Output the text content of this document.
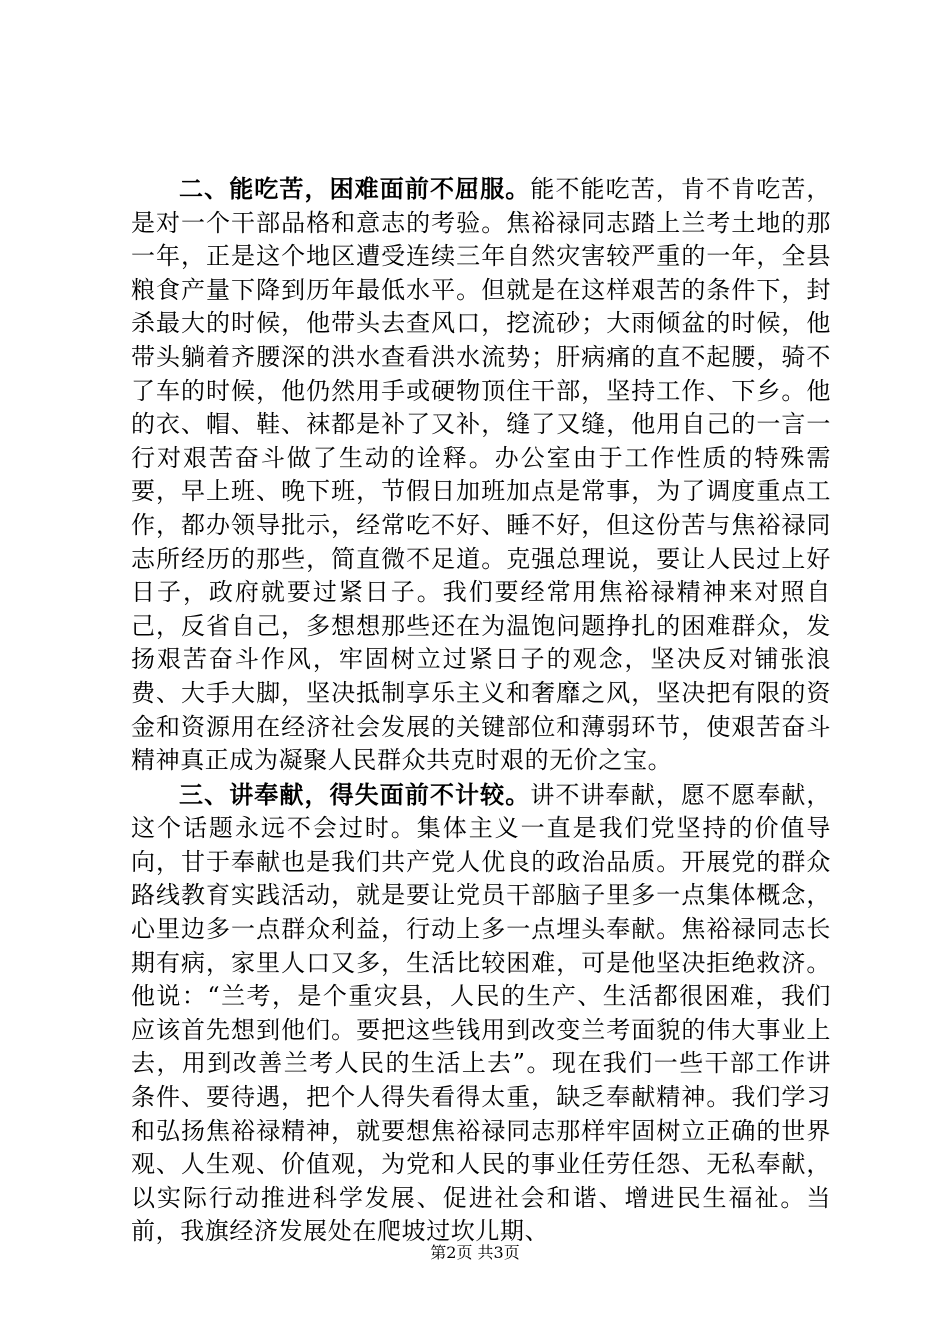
二、能吃苦，困难面前不屈服。能不能吃苦，肯不肯吃苦，是对一个干部品格和意志的考验。焦裕禄同志踏上兰考土地的那一年，正是这个地区遭受连续三年自然灾害较严重的一年，全县粮食产量下降到历年最低水平。但就是在这样艰苦的条件下，封杀最大的时候，他带头去查风口，挖流砂；大雨倾盆的时候，他带头躺着齐腰深的洪水查看洪水流势；肝病痛的直不起腰，骑不了车的时候，他仍然用手或硬物顶住干部，坚持工作、下乡。他的衣、帽、鞋、袜都是补了又补，缝了又缝，他用自己的一言一行对艰苦奋斗做了生动的诠释。办公室由于工作性质的特殊需要，早上班、晚下班，节假日加班加点是常事，为了调度重点工作，都办领导批示，经常吃不好、睡不好，但这份苦与焦裕禄同志所经历的那些，简直微不足道。克强总理说，要让人民过上好日子，政府就要过紧日子。我们要经常用焦裕禄精神来对照自己，反省自己，多想想那些还在为温饱问题挣扎的困难群众，发扬艰苦奋斗作风，牢固树立过紧日子的观念，坚决反对铺张浪费、大手大脚，坚决抵制享乐主义和奢靡之风，坚决把有限的资金和资源用在经济社会发展的关键部位和薄弱环节，使艰苦奋斗精神真正成为凝聚人民群众共克时艰的无价之宝。

三、讲奉献，得失面前不计较。讲不讲奉献，愿不愿奉献，这个话题永远不会过时。集体主义一直是我们党坚持的价值导向，甘于奉献也是我们共产党人优良的政治品质。开展党的群众路线教育实践活动，就是要让党员干部脑子里多一点集体概念，心里边多一点群众利益，行动上多一点埋头奉献。焦裕禄同志长期有病，家里人口又多，生活比较困难，可是他坚决拒绝救济。他说：“兰考，是个重灾县，人民的生产、生活都很困难，我们应该首先想到他们。要把这些钱用到改变兰考面貌的伟大事业上去，用到改善兰考人民的生活上去”。现在我们一些干部工作讲条件、要待遇，把个人得失看得太重，缺乏奉献精神。我们学习和弘扬焦裕禄精神，就要想焦裕禄同志那样牢固树立正确的世界观、人生观、价值观，为党和人民的事业任劳任怨、无私奉献，以实际行动推进科学发展、促进社会和谐、增进民生福祉。当前，我旗经济发展处在爬坡过坎儿期、

第2页 共3页
